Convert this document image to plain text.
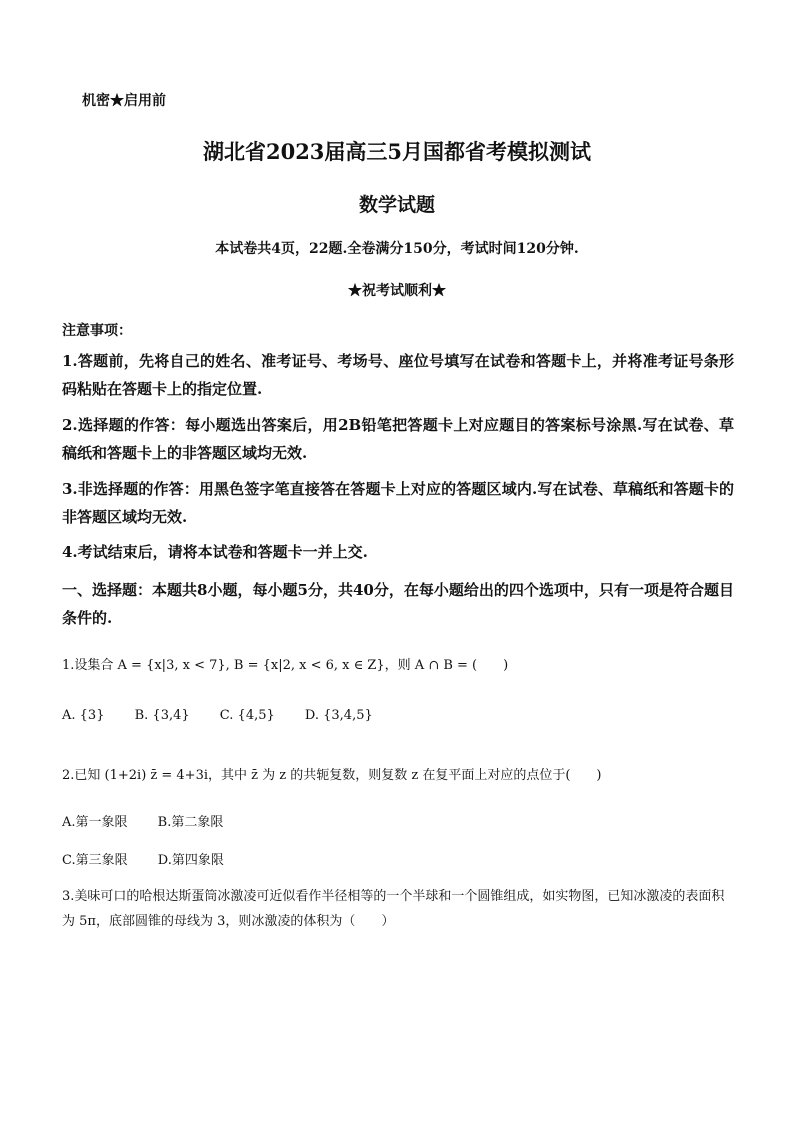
机密★启用前
湖北省2023届高三5月国都省考模拟测试
数学试题
本试卷共4页，22题.全卷满分150分，考试时间120分钟.
★祝考试顺利★
注意事项：
1.答题前，先将自己的姓名、准考证号、考场号、座位号填写在试卷和答题卡上，并将准考证号条形码粘贴在答题卡上的指定位置.
2.选择题的作答：每小题选出答案后，用2B铅笔把答题卡上对应题目的答案标号涂黑.写在试卷、草稿纸和答题卡上的非答题区域均无效.
3.非选择题的作答：用黑色签字笔直接答在答题卡上对应的答题区域内.写在试卷、草稿纸和答题卡的非答题区域均无效.
4.考试结束后，请将本试卷和答题卡一并上交.
一、选择题：本题共8小题，每小题5分，共40分，在每小题给出的四个选项中，只有一项是符合题目条件的.
1.设集合 A = {x|3, x < 7}, B = {x|2, x < 6, x ∈ Z}，则 A ∩ B = (　　)
A. {3} B. {3,4} C. {4,5} D. {3,4,5}
2.已知 (1+2i) z̄ = 4+3i，其中 z̄ 为 z 的共轭复数，则复数 z 在复平面上对应的点位于(　　)
A.第一象限 B.第二象限
C.第三象限 D.第四象限
3.美味可口的哈根达斯蛋筒冰激凌可近似看作半径相等的一个半球和一个圆锥组成，如实物图，已知冰激凌的表面积为 5π，底部圆锥的母线为 3，则冰激凌的体积为（　　）
